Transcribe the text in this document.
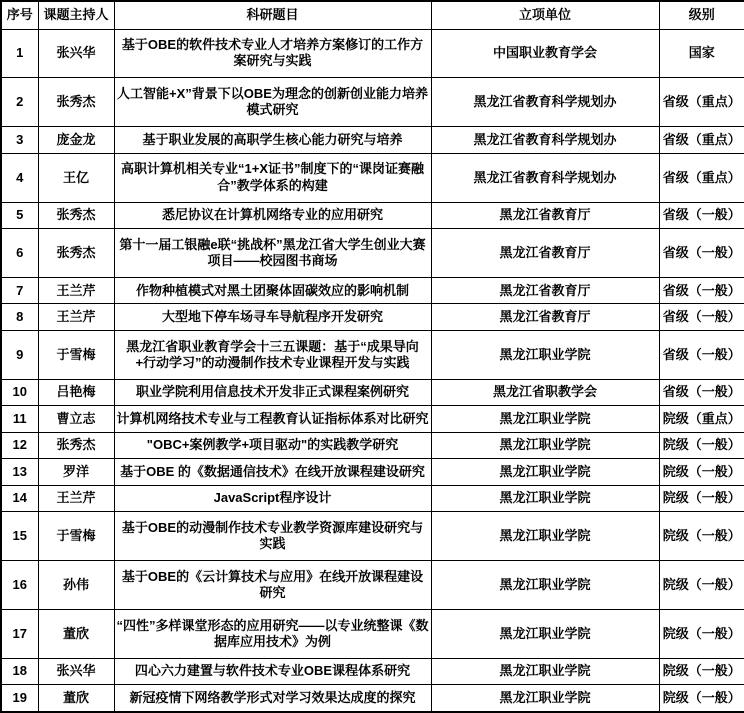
序号	课题主持人	科研题目	立项单位	级别
1	张兴华	基于OBE的软件技术专业人才培养方案修订的工作方案研究与实践	中国职业教育学会	国家
2	张秀杰	人工智能+X”背景下以OBE为理念的创新创业能力培养模式研究	黑龙江省教育科学规划办	省级（重点）
3	庞金龙	基于职业发展的高职学生核心能力研究与培养	黑龙江省教育科学规划办	省级（重点）
4	王亿	高职计算机相关专业“1+X证书”制度下的“课岗证赛融合”教学体系的构建	黑龙江省教育科学规划办	省级（重点）
5	张秀杰	悉尼协议在计算机网络专业的应用研究	黑龙江省教育厅	省级（一般）
6	张秀杰	第十一届工银融e联“挑战杯”黑龙江省大学生创业大赛项目——校园图书商场	黑龙江省教育厅	省级（一般）
7	王兰芹	作物种植模式对黑土团聚体固碳效应的影响机制	黑龙江省教育厅	省级（一般）
8	王兰芹	大型地下停车场寻车导航程序开发研究	黑龙江省教育厅	省级（一般）
9	于雪梅	黑龙江省职业教育学会十三五课题：基于“成果导向+行动学习”的动漫制作技术专业课程开发与实践	黑龙江职业学院	省级（一般）
10	吕艳梅	职业学院利用信息技术开发非正式课程案例研究	黑龙江省职教学会	省级（一般）
11	曹立志	计算机网络技术专业与工程教育认证指标体系对比研究	黑龙江职业学院	院级（重点）
12	张秀杰	"OBC+案例教学+项目驱动"的实践教学研究	黑龙江职业学院	院级（一般）
13	罗洋	基于OBE 的《数据通信技术》在线开放课程建设研究	黑龙江职业学院	院级（一般）
14	王兰芹	JavaScript程序设计	黑龙江职业学院	院级（一般）
15	于雪梅	基于OBE的动漫制作技术专业教学资源库建设研究与实践	黑龙江职业学院	院级（一般）
16	孙伟	基于OBE的《云计算技术与应用》在线开放课程建设研究	黑龙江职业学院	院级（一般）
17	董欣	“四性”多样课堂形态的应用研究——以专业统整课《数据库应用技术》为例	黑龙江职业学院	院级（一般）
18	张兴华	四心六力建置与软件技术专业OBE课程体系研究	黑龙江职业学院	院级（一般）
19	董欣	新冠疫情下网络教学形式对学习效果达成度的探究	黑龙江职业学院	院级（一般）
